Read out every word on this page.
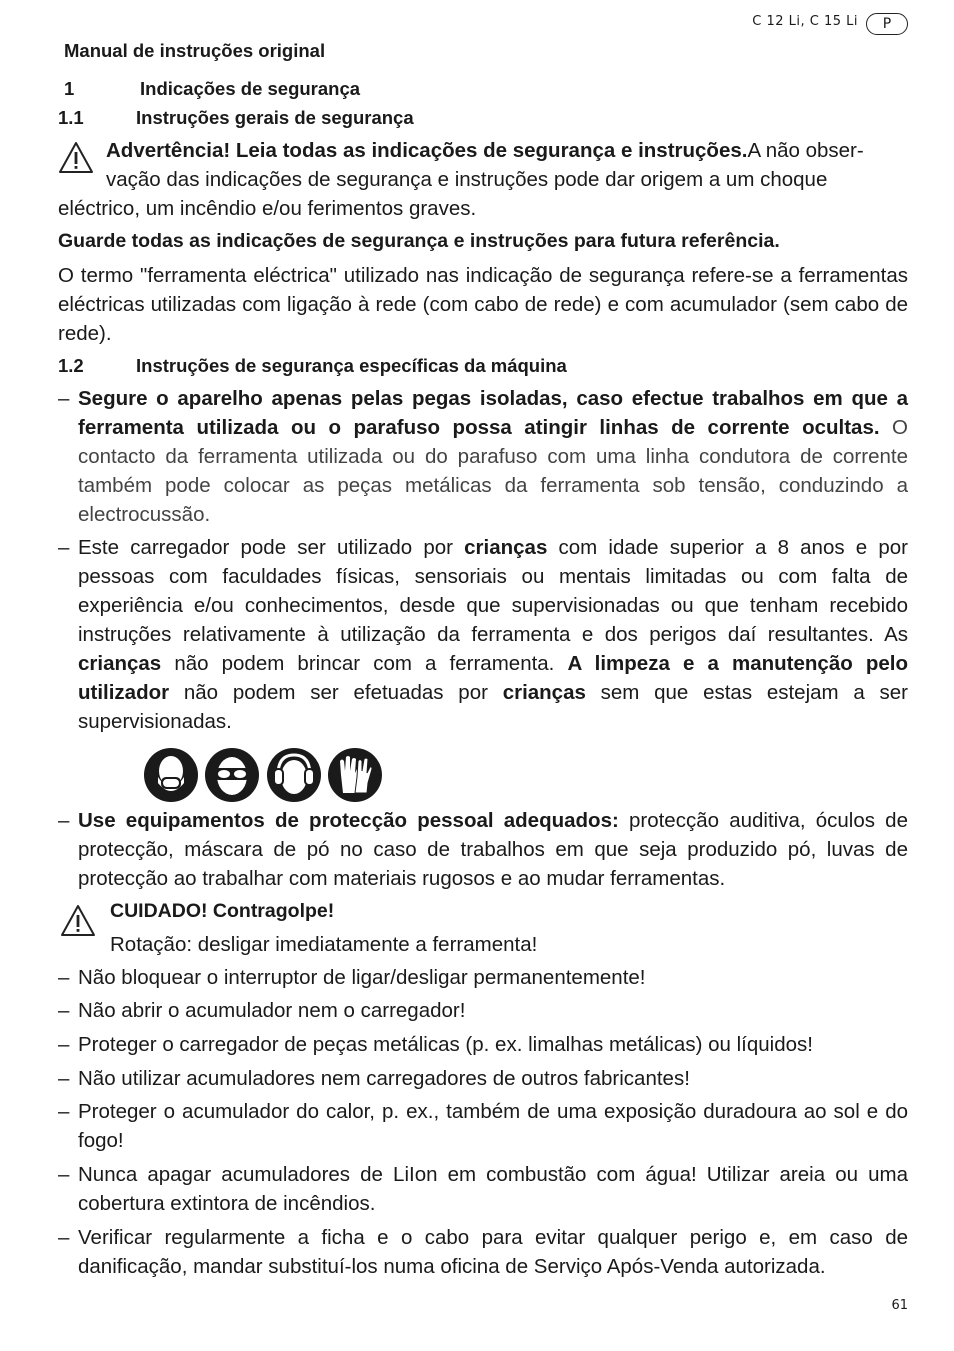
C 12 Li, C 15 Li	P
Manual de instruções original
1	Indicações de segurança
1.1	Instruções gerais de segurança
Advertência! Leia todas as indicações de segurança e instruções.A não obser-
vação das indicações de segurança e instruções pode dar origem a um choque
eléctrico, um incêndio e/ou ferimentos graves.
Guarde todas as indicações de segurança e instruções para futura referência.
O termo "ferramenta eléctrica" utilizado nas indicação de segurança refere-se a ferramentas eléctricas utilizadas com ligação à rede (com cabo de rede) e com acumulador (sem cabo de rede).
1.2	Instruções de segurança específicas da máquina
– Segure o aparelho apenas pelas pegas isoladas, caso efectue trabalhos em que a ferramenta utilizada ou o parafuso possa atingir linhas de corrente ocultas. O contacto da ferramenta utilizada ou do parafuso com uma linha condutora de corrente também pode colocar as peças metálicas da ferramenta sob tensão, conduzindo a electrocussão.
– Este carregador pode ser utilizado por crianças com idade superior a 8 anos e por pessoas com faculdades físicas, sensoriais ou mentais limitadas ou com falta de experiência e/ou conhecimentos, desde que supervisionadas ou que tenham recebido instruções relativamente à utilização da ferramenta e dos perigos daí resultantes. As crianças não podem brincar com a ferramenta. A limpeza e a manutenção pelo utilizador não podem ser efetuadas por crianças sem que estas estejam a ser supervisionadas.
– Use equipamentos de protecção pessoal adequados: protecção auditiva, óculos de protecção, máscara de pó no caso de trabalhos em que seja produzido pó, luvas de protecção ao trabalhar com materiais rugosos e ao mudar ferramentas.
CUIDADO! Contragolpe!
Rotação: desligar imediatamente a ferramenta!
– Não bloquear o interruptor de ligar/desligar permanentemente!
– Não abrir o acumulador nem o carregador!
– Proteger o carregador de peças metálicas (p. ex. limalhas metálicas) ou líquidos!
– Não utilizar acumuladores nem carregadores de outros fabricantes!
– Proteger o acumulador do calor, p. ex., também de uma exposição duradoura ao sol e do fogo!
– Nunca apagar acumuladores de LiIon em combustão com água! Utilizar areia ou uma cobertura extintora de incêndios.
– Verificar regularmente a ficha e o cabo para evitar qualquer perigo e, em caso de danificação, mandar substituí-los numa oficina de Serviço Após-Venda autorizada.
61
